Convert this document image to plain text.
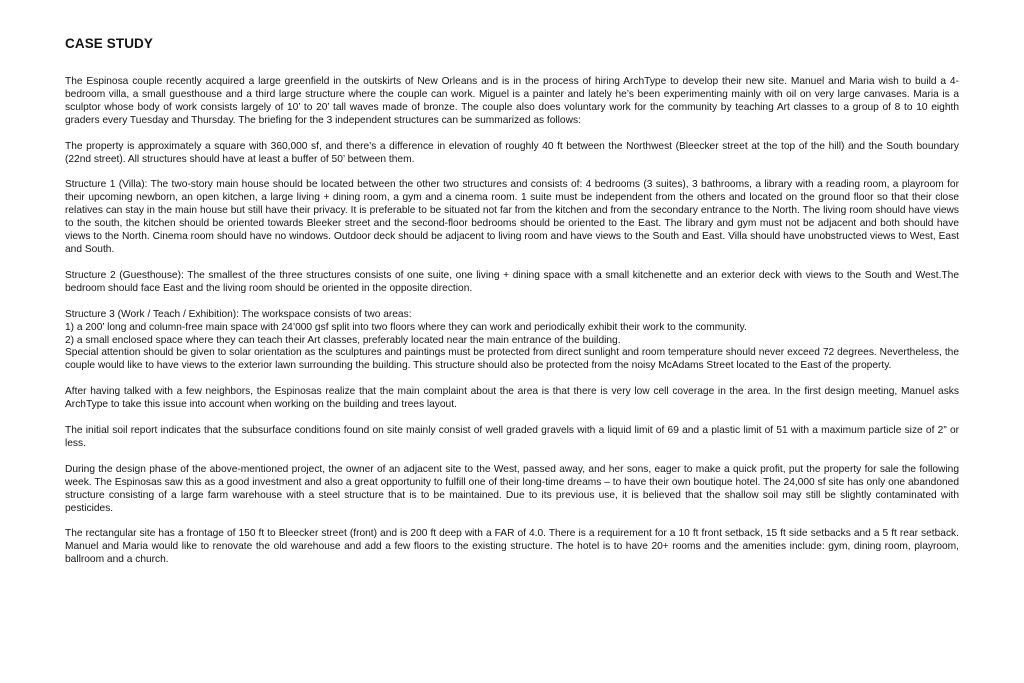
CASE STUDY

The Espinosa couple recently acquired a large greenfield in the outskirts of New Orleans and is in the process of hiring ArchType to develop their new site. Manuel and Maria wish to build a 4-bedroom villa, a small guesthouse and a third large structure where the couple can work. Miguel is a painter and lately he’s been experimenting mainly with oil on very large canvases. Maria is a sculptor whose body of work consists largely of 10’ to 20’ tall waves made of bronze. The couple also does voluntary work for the community by teaching Art classes to a group of 8 to 10 eighth graders every Tuesday and Thursday. The briefing for the 3 independent structures can be summarized as follows:

The property is approximately a square with 360,000 sf, and there’s a difference in elevation of roughly 40 ft between the Northwest (Bleecker street at the top of the hill) and the South boundary (22nd street). All structures should have at least a buffer of 50’ between them.

Structure 1 (Villa): The two-story main house should be located between the other two structures and consists of: 4 bedrooms (3 suites), 3 bathrooms, a library with a reading room, a playroom for their upcoming newborn, an open kitchen, a large living + dining room, a gym and a cinema room. 1 suite must be independent from the others and located on the ground floor so that their close relatives can stay in the main house but still have their privacy. It is preferable to be situated not far from the kitchen and from the secondary entrance to the North. The living room should have views to the south, the kitchen should be oriented towards Bleeker street and the second-floor bedrooms should be oriented to the East. The library and gym must not be adjacent and both should have views to the North. Cinema room should have no windows. Outdoor deck should be adjacent to living room and have views to the South and East. Villa should have unobstructed views to West, East and South.

Structure 2 (Guesthouse): The smallest of the three structures consists of one suite, one living + dining space with a small kitchenette and an exterior deck with views to the South and West.The bedroom should face East and the living room should be oriented in the opposite direction.

Structure 3 (Work / Teach / Exhibition): The workspace consists of two areas:

1) a 200’ long and column-free main space with 24’000 gsf split into two floors where they can work and periodically exhibit their work to the community.

2) a small enclosed space where they can teach their Art classes, preferably located near the main entrance of the building.

Special attention should be given to solar orientation as the sculptures and paintings must be protected from direct sunlight and room temperature should never exceed 72 degrees. Nevertheless, the couple would like to have views to the exterior lawn surrounding the building. This structure should also be protected from the noisy McAdams Street located to the East of the property.

After having talked with a few neighbors, the Espinosas realize that the main complaint about the area is that there is very low cell coverage in the area. In the first design meeting, Manuel asks ArchType to take this issue into account when working on the building and trees layout.

The initial soil report indicates that the subsurface conditions found on site mainly consist of well graded gravels with a liquid limit of 69 and a plastic limit of 51 with a maximum particle size of 2” or less.

During the design phase of the above-mentioned project, the owner of an adjacent site to the West, passed away, and her sons, eager to make a quick profit, put the property for sale the following week. The Espinosas saw this as a good investment and also a great opportunity to fulfill one of their long-time dreams – to have their own boutique hotel. The 24,000 sf site has only one abandoned structure consisting of a large farm warehouse with a steel structure that is to be maintained. Due to its previous use, it is believed that the shallow soil may still be slightly contaminated with pesticides.

The rectangular site has a frontage of 150 ft to Bleecker street (front) and is 200 ft deep with a FAR of 4.0. There is a requirement for a 10 ft front setback, 15 ft side setbacks and a 5 ft rear setback. Manuel and Maria would like to renovate the old warehouse and add a few floors to the existing structure. The hotel is to have 20+ rooms and the amenities include: gym, dining room, playroom, ballroom and a church.
